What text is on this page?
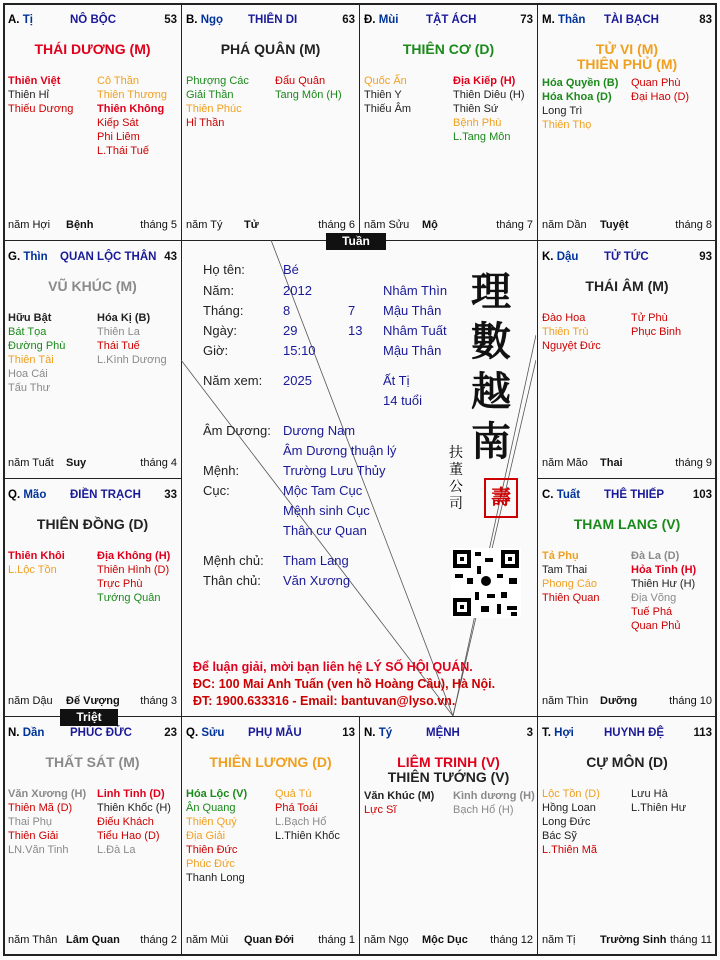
A. Tị	NÔ BỘC	53
THÁI DƯƠNG (M)
Thiên Việt
Thiên Hỉ
Thiếu Dương
Cô Thần
Thiên Thương
Thiên Không
Kiếp Sát
Phi Liêm
L.Thái Tuế
năm Hợi Bệnh	tháng 5
B. Ngọ THIÊN DI	63
PHÁ QUÂN (M)
Phượng Các
Giải Thần
Thiên Phúc
Hỉ Thần
Đẩu Quân
Tang Môn (H)
năm Tý Tử	tháng 6
Đ. Mùi TẬT ÁCH	73
THIÊN CƠ (D)
Quốc Ấn
Thiên Y
Thiếu Âm
Địa Kiếp (H)
Thiên Diêu (H)
Thiên Sứ
Bệnh Phù
L.Tang Môn
năm Sửu Mộ	tháng 7
M. Thân TÀI BẠCH	83
TỬ VI (M)
THIÊN PHỦ (M)
Hóa Quyền (B)
Hóa Khoa (D)
Long Trì
Thiên Thọ
Quan Phù
Đại Hao (D)
năm Dần Tuyệt	tháng 8
G. Thìn QUAN LỘC THÂN 43
VŨ KHÚC (M)
Hữu Bật
Bát Tọa
Đường Phù
Thiên Tài
Hoa Cái
Tấu Thư
Hóa Kị (B)
Thiên La
Thái Tuế
L.Kình Dương
năm Tuất Suy	tháng 4
K. Dậu TỬ TỨC	93
THÁI ÂM (M)
Đào Hoa
Thiên Trù
Nguyệt Đức
Tử Phù
Phục Binh
năm Mão Thai	tháng 9
Q. Mão ĐIỀN TRẠCH 33
THIÊN ĐỒNG (D)
Thiên Khôi
L.Lộc Tồn
Địa Không (H)
Thiên Hình (D)
Trực Phù
Tướng Quân
năm Dậu Đế Vượng tháng 3
C. Tuất THÊ THIẾP	103
THAM LANG (V)
Tả Phụ
Tam Thai
Phong Cáo
Thiên Quan
Đà La (D)
Hỏa Tinh (H)
Thiên Hư (H)
Địa Võng
Tuế Phá
Quan Phủ
năm Thìn Dưỡng	tháng 10
N. Dần PHÚC ĐỨC	23
THẤT SÁT (M)
Văn Xương (H)
Thiên Mã (D)
Thai Phụ
Thiên Giải
LN.Văn Tinh
Linh Tinh (D)
Thiên Khốc (H)
Điếu Khách
Tiểu Hao (D)
L.Đà La
năm Thân Lâm Quan tháng 2
Q. Sửu PHỤ MẪU	13
THIÊN LƯƠNG (D)
Hóa Lộc (V)
Ân Quang
Thiên Quý
Địa Giải
Thiên Đức
Phúc Đức
Thanh Long
Quả Tú
Phá Toái
L.Bạch Hổ
L.Thiên Khốc
năm Mùi Quan Đới tháng 1
N. Tý	MỆNH	3
LIÊM TRINH (V)
THIÊN TƯỚNG (V)
Văn Khúc (M)
Lực Sĩ
Kình dương (H)
Bạch Hổ (H)
năm Ngọ Mộc Dục tháng 12
T. Hợi	HUYNH ĐỆ	113
CỰ MÔN (D)
Lộc Tồn (D)
Hồng Loan
Long Đức
Bác Sỹ
L.Thiên Mã
Lưu Hà
L.Thiên Hư
năm Tị Trường Sinh tháng 11
Họ tên:	Bé
Năm:	2012	Nhâm Thìn
Tháng:	8	7 Mậu Thân
Ngày:	29	13 Nhâm Tuất
Giờ:	15:10	Mậu Thân
Năm xem: 2025	Ất Tị
14 tuổi
Âm Dương: Dương Nam
Âm Dương thuận lý
Mệnh:	Trường Lưu Thủy
Cục:	Mộc Tam Cục
Mệnh sinh Cục
Thân cư Quan
Mệnh chủ: Tham Lang
Thân chủ: Văn Xương
理
數
越
南
扶
董
公
司	壽
Để luận giải, mời bạn liên hệ LÝ SỐ HỘI QUÁN.
ĐC: 100 Mai Anh Tuấn (ven hồ Hoàng Cầu), Hà Nội.
ĐT: 1900.633316 - Email: bantuvan@lyso.vn.
Tuần
Triệt
